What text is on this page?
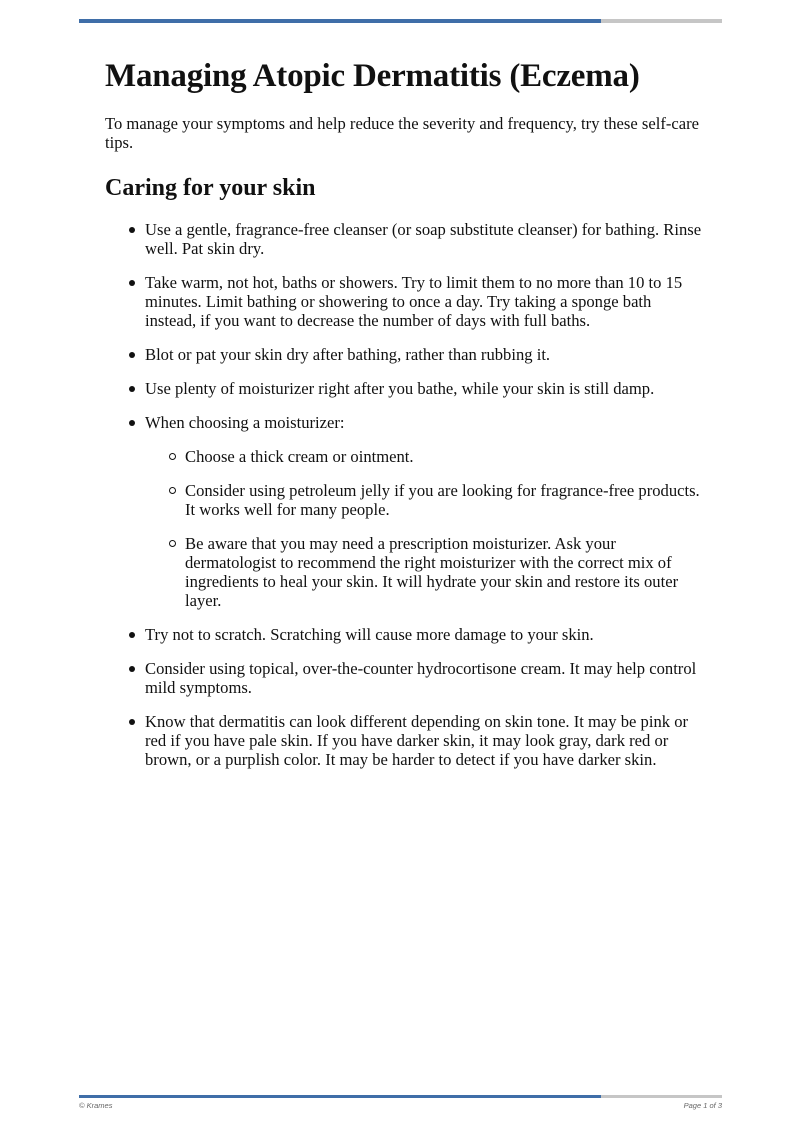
Managing Atopic Dermatitis (Eczema)

To manage your symptoms and help reduce the severity and frequency, try these self-care tips.

Caring for your skin
Use a gentle, fragrance-free cleanser (or soap substitute cleanser) for bathing. Rinse well. Pat skin dry.
Take warm, not hot, baths or showers. Try to limit them to no more than 10 to 15 minutes. Limit bathing or showering to once a day. Try taking a sponge bath instead, if you want to decrease the number of days with full baths.
Blot or pat your skin dry after bathing, rather than rubbing it.
Use plenty of moisturizer right after you bathe, while your skin is still damp.
When choosing a moisturizer:
Choose a thick cream or ointment.
Consider using petroleum jelly if you are looking for fragrance-free products. It works well for many people.
Be aware that you may need a prescription moisturizer. Ask your dermatologist to recommend the right moisturizer with the correct mix of ingredients to heal your skin. It will hydrate your skin and restore its outer layer.
Try not to scratch. Scratching will cause more damage to your skin.
Consider using topical, over-the-counter hydrocortisone cream. It may help control mild symptoms.
Know that dermatitis can look different depending on skin tone. It may be pink or red if you have pale skin. If you have darker skin, it may look gray, dark red or brown, or a purplish color. It may be harder to detect if you have darker skin.
© Krames	Page 1 of 3
